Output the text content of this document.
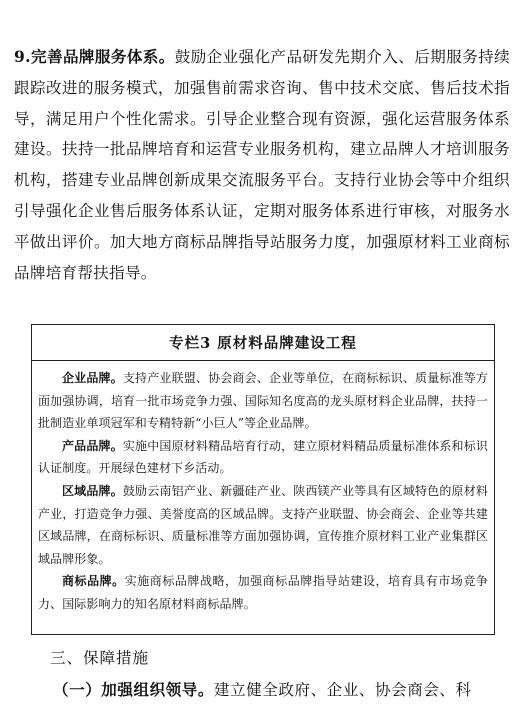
9.完善品牌服务体系。鼓励企业强化产品研发先期介入、后期服务持续跟踪改进的服务模式，加强售前需求咨询、售中技术交底、售后技术指导，满足用户个性化需求。引导企业整合现有资源，强化运营服务体系建设。扶持一批品牌培育和运营专业服务机构，建立品牌人才培训服务机构，搭建专业品牌创新成果交流服务平台。支持行业协会等中介组织引导强化企业售后服务体系认证，定期对服务体系进行审核，对服务水平做出评价。加大地方商标品牌指导站服务力度，加强原材料工业商标品牌培育帮扶指导。

专栏3 原材料品牌建设工程

企业品牌。支持产业联盟、协会商会、企业等单位，在商标标识、质量标准等方面加强协调，培育一批市场竞争力强、国际知名度高的龙头原材料企业品牌，扶持一批制造业单项冠军和专精特新“小巨人”等企业品牌。

产品品牌。实施中国原材料精品培育行动，建立原材料精品质量标准体系和标识认证制度。开展绿色建材下乡活动。

区域品牌。鼓励云南铝产业、新疆硅产业、陕西镁产业等具有区域特色的原材料产业，打造竞争力强、美誉度高的区域品牌。支持产业联盟、协会商会、企业等共建区域品牌，在商标标识、质量标准等方面加强协调，宣传推介原材料工业产业集群区域品牌形象。

商标品牌。实施商标品牌战略，加强商标品牌指导站建设，培育具有市场竞争力、国际影响力的知名原材料商标品牌。

三、保障措施

（一）加强组织领导。建立健全政府、企业、协会商会、科
